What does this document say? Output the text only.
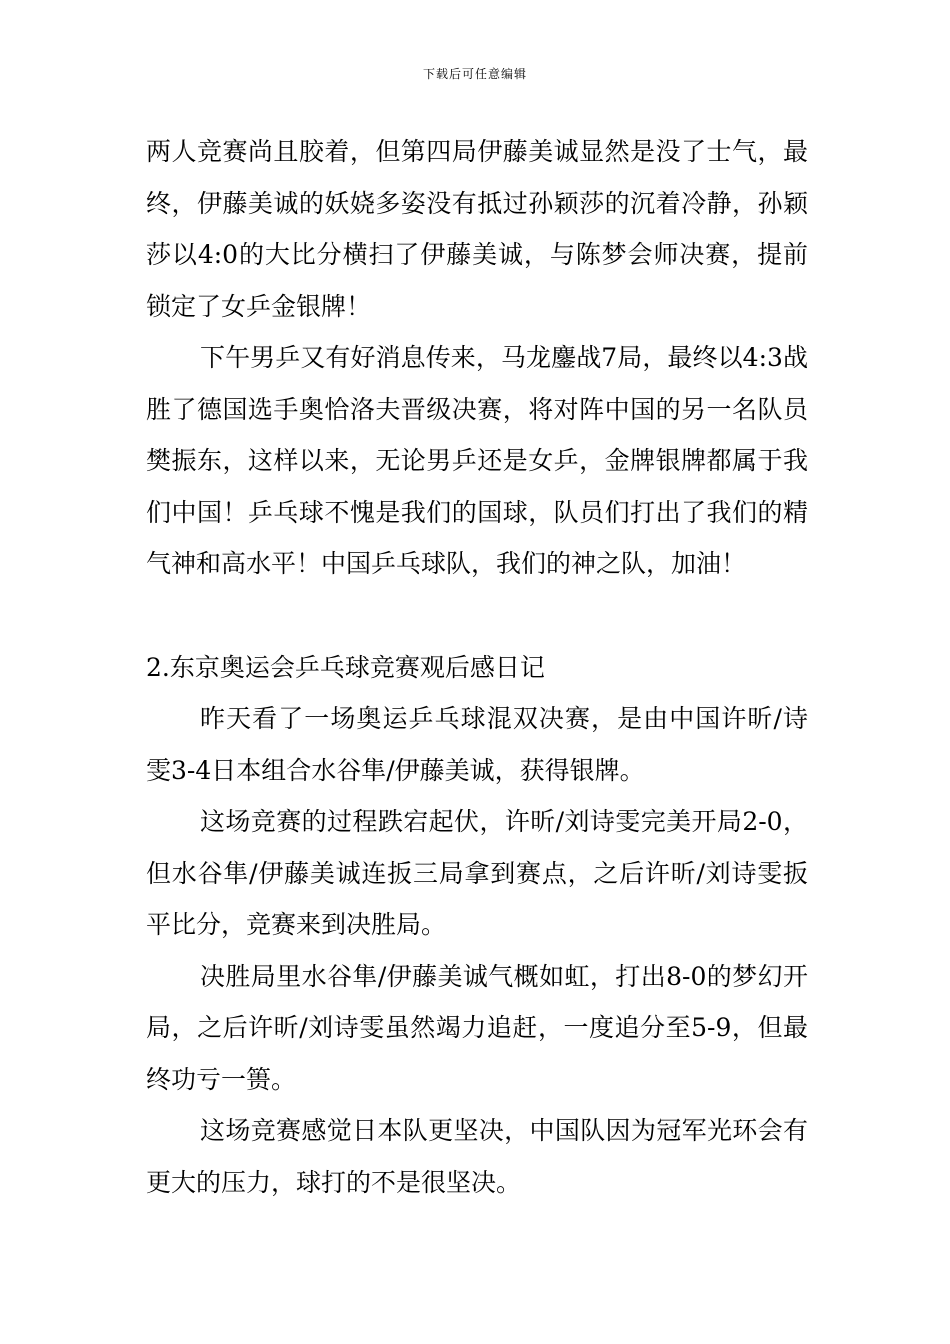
下载后可任意编辑

两人竞赛尚且胶着，但第四局伊藤美诚显然是没了士气，最终，伊藤美诚的妖娆多姿没有抵过孙颖莎的沉着冷静，孙颖莎以4:0的大比分横扫了伊藤美诚，与陈梦会师决赛，提前锁定了女乒金银牌！

下午男乒又有好消息传来，马龙鏖战7局，最终以4:3战胜了德国选手奥恰洛夫晋级决赛，将对阵中国的另一名队员樊振东，这样以来，无论男乒还是女乒，金牌银牌都属于我们中国！乒乓球不愧是我们的国球，队员们打出了我们的精气神和高水平！中国乒乓球队，我们的神之队，加油！

2.东京奥运会乒乓球竞赛观后感日记

昨天看了一场奥运乒乓球混双决赛，是由中国许昕/诗雯3-4日本组合水谷隼/伊藤美诚，获得银牌。

这场竞赛的过程跌宕起伏，许昕/刘诗雯完美开局2-0，但水谷隼/伊藤美诚连扳三局拿到赛点，之后许昕/刘诗雯扳平比分，竞赛来到决胜局。

决胜局里水谷隼/伊藤美诚气概如虹，打出8-0的梦幻开局，之后许昕/刘诗雯虽然竭力追赶，一度追分至5-9，但最终功亏一篑。

这场竞赛感觉日本队更坚决，中国队因为冠军光环会有更大的压力，球打的不是很坚决。
